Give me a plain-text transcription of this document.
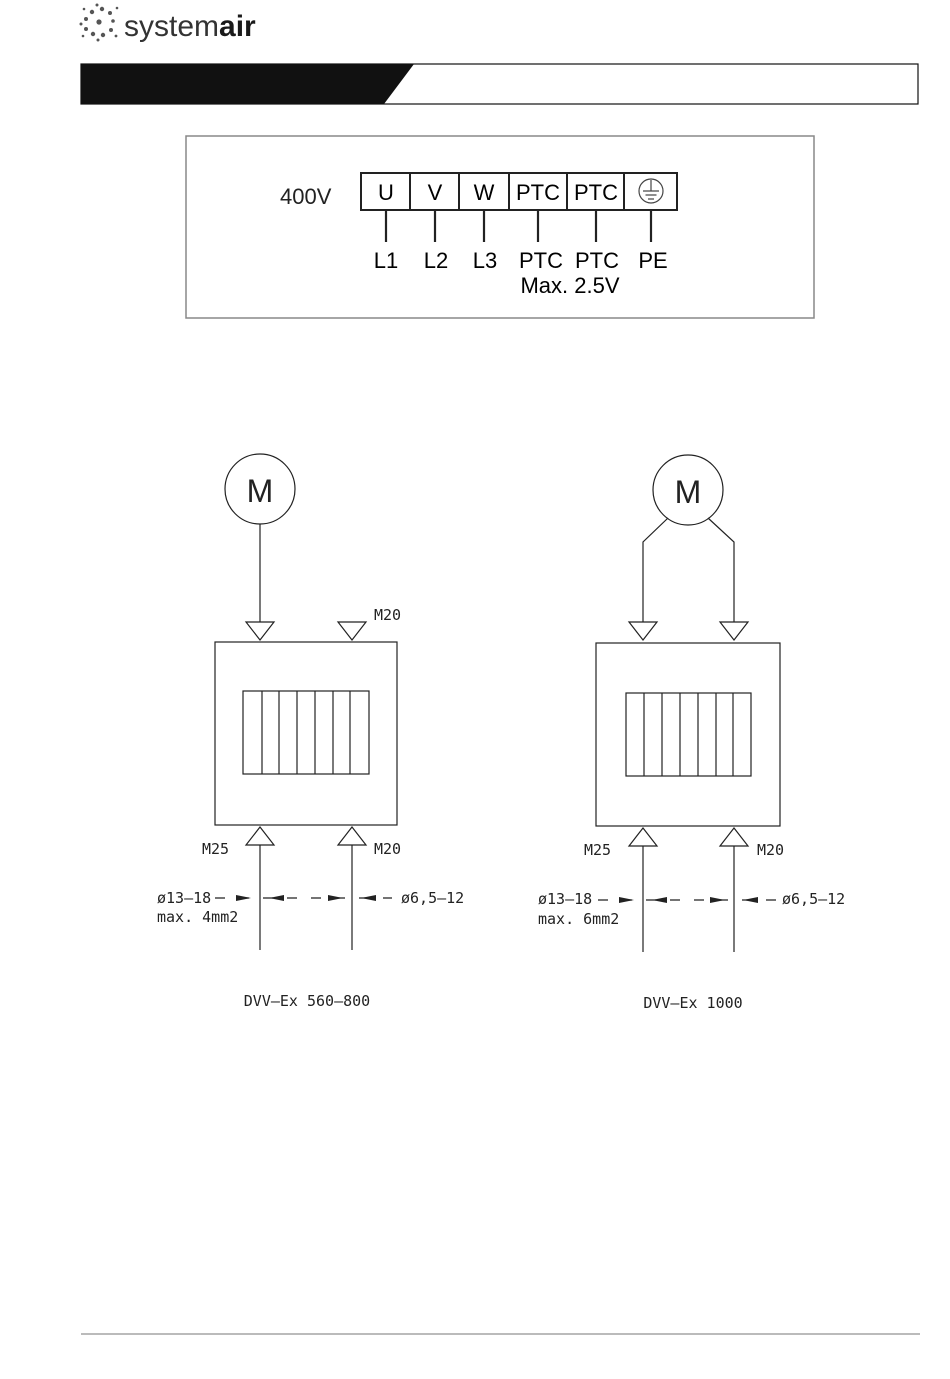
systemair
400V U V W PTC PTC
L1 L2 L3 PTC PTC PE
Max. 2.5V
M
M20
M25	M20
ø13–18
max. 4mm2
ø6,5–12
DVV–Ex 560–800
M
M25	M20
ø13–18
max. 6mm2
ø6,5–12
DVV–Ex 1000
